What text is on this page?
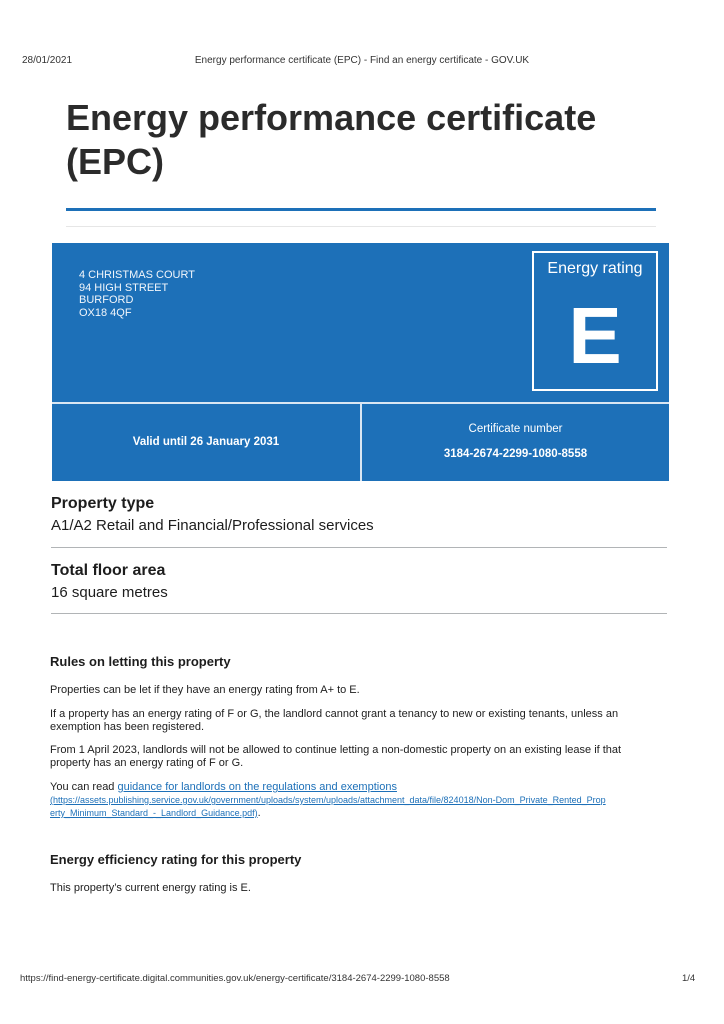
28/01/2021	Energy performance certificate (EPC) - Find an energy certificate - GOV.UK
Energy performance certificate (EPC)
4 CHRISTMAS COURT
94 HIGH STREET
BURFORD
OX18 4QF
Energy rating
E
Valid until 26 January 2031
Certificate number
3184-2674-2299-1080-8558
Property type
A1/A2 Retail and Financial/Professional services
Total floor area
16 square metres
Rules on letting this property
Properties can be let if they have an energy rating from A+ to E.
If a property has an energy rating of F or G, the landlord cannot grant a tenancy to new or existing tenants, unless an exemption has been registered.
From 1 April 2023, landlords will not be allowed to continue letting a non-domestic property on an existing lease if that property has an energy rating of F or G.
You can read guidance for landlords on the regulations and exemptions
(https://assets.publishing.service.gov.uk/government/uploads/system/uploads/attachment_data/file/824018/Non-Dom_Private_Rented_Property_Minimum_Standard_-_Landlord_Guidance.pdf).
Energy efficiency rating for this property
This property’s current energy rating is E.
https://find-energy-certificate.digital.communities.gov.uk/energy-certificate/3184-2674-2299-1080-8558	1/4
